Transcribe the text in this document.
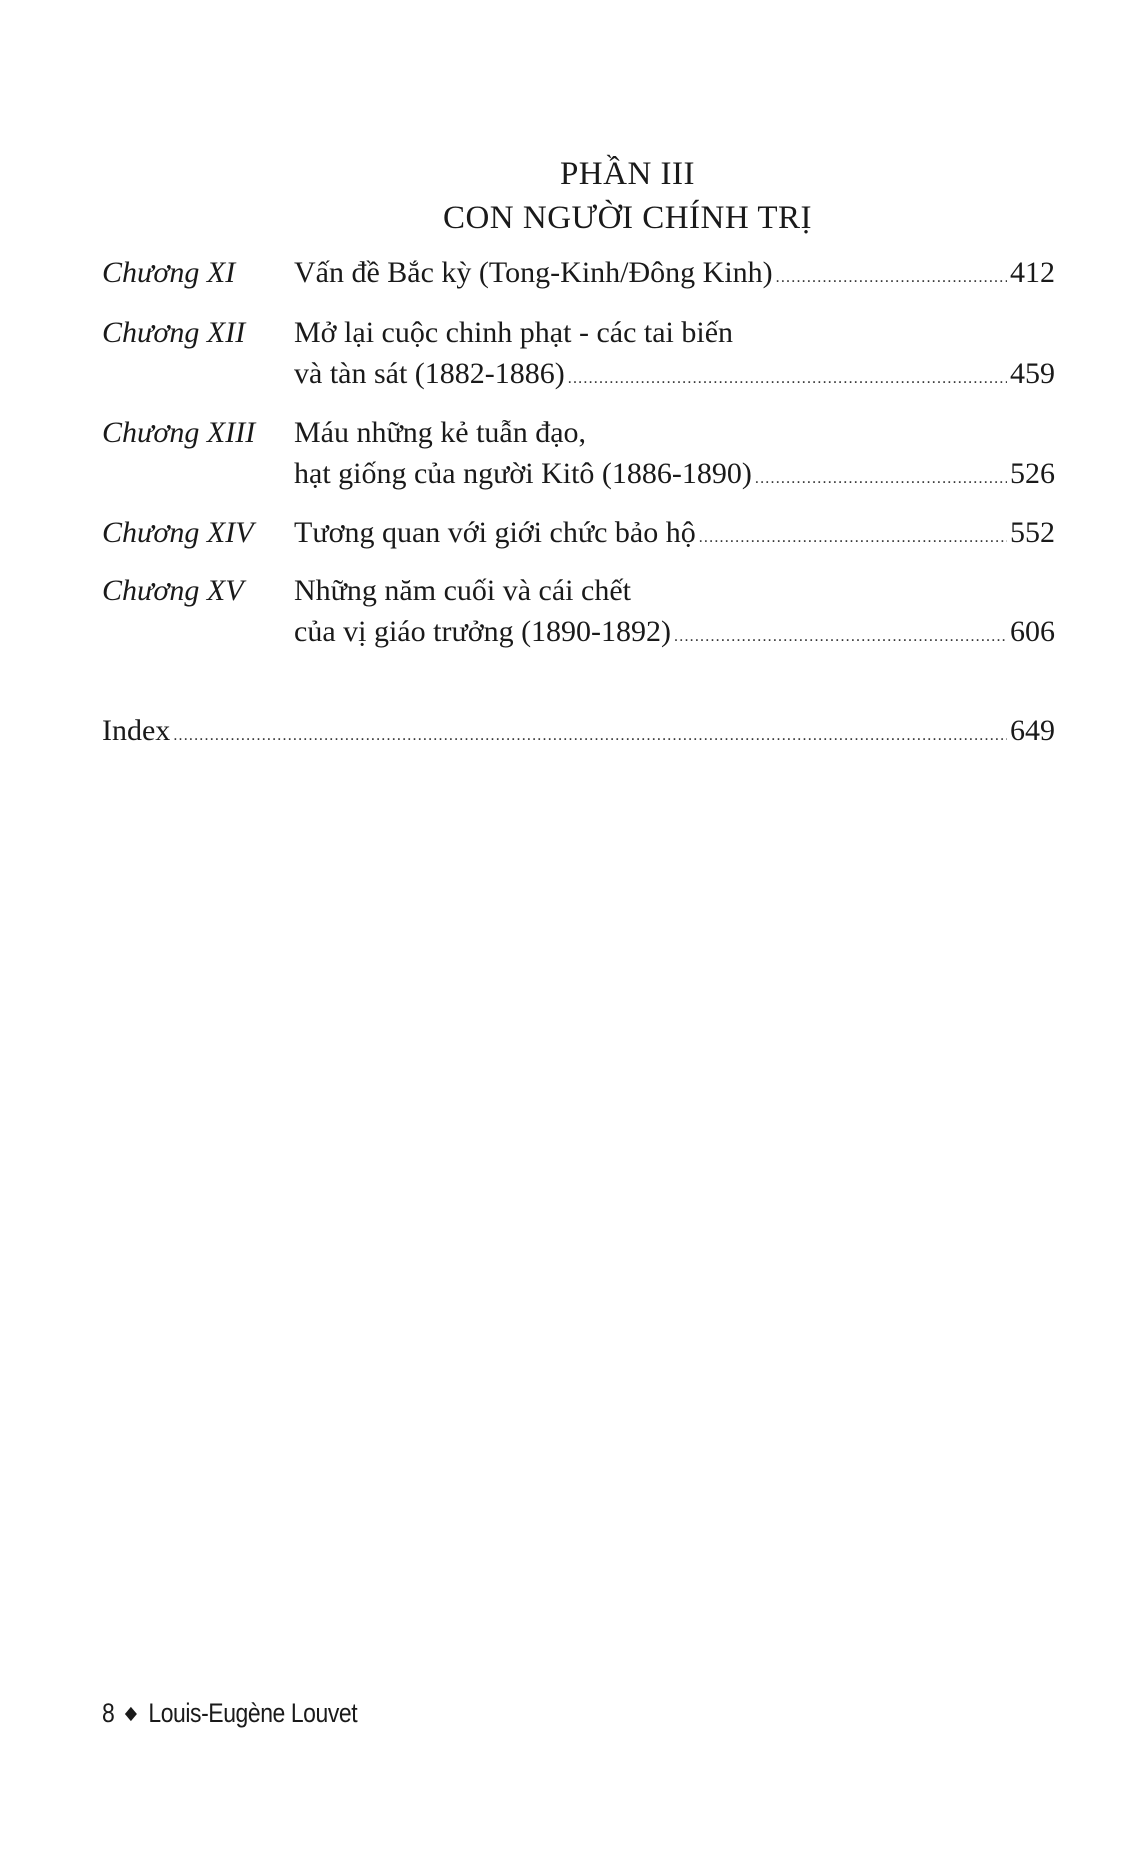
PHẦN III
CON NGƯỜI CHÍNH TRỊ
Chương XI Vấn đề Bắc kỳ (Tong-Kinh/Đông Kinh) .....	412
Chương XII Mở lại cuộc chinh phạt - các tai biến
và tàn sát (1882-1886) .....	459
Chương XIII Máu những kẻ tuẫn đạo,
hạt giống của người Kitô (1886-1890) .....	526
Chương XIV Tương quan với giới chức bảo hộ .....	552
Chương XV Những năm cuối và cái chết
của vị giáo trưởng (1890-1892) .....	606
Index .....	649
8 Louis-Eugène Louvet
